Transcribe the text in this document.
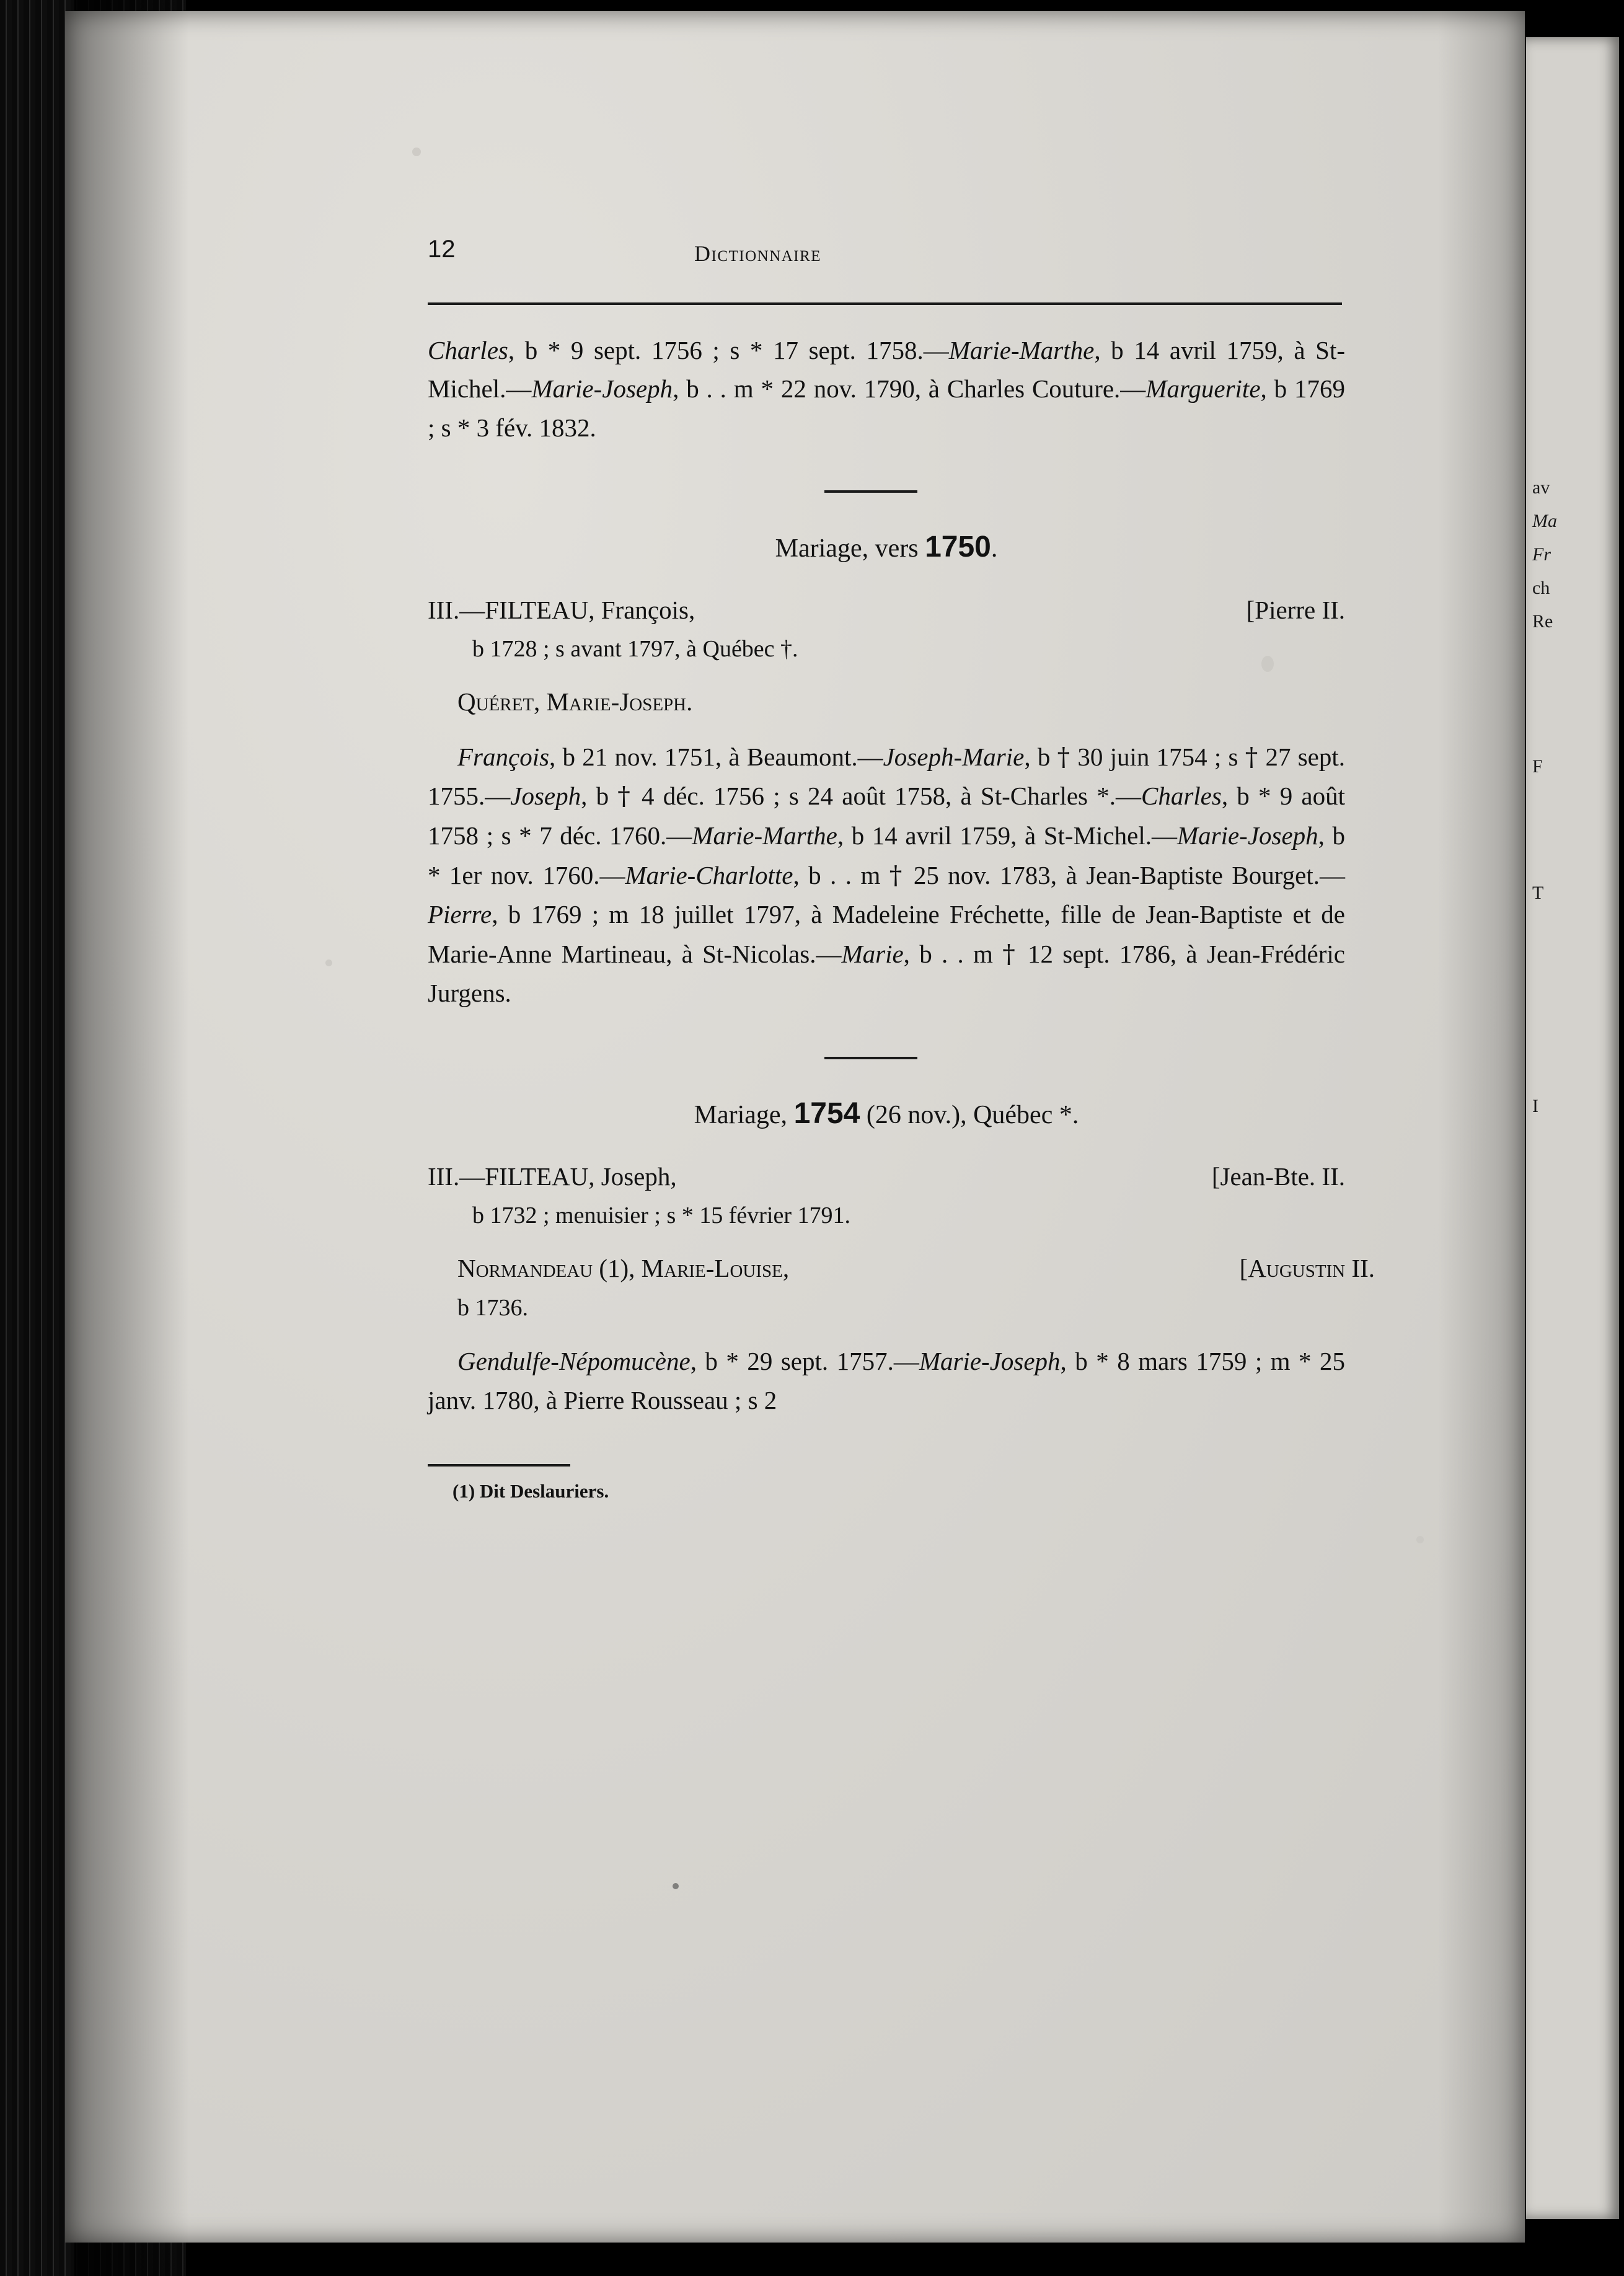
av
Ma
Fr
ch
Re
F
T
I
12	Dictionnaire
Charles, b * 9 sept. 1756 ; s * 17 sept. 1758.—Marie-Marthe, b 14 avril 1759, à St-Michel.—Marie-Joseph, b . . m * 22 nov. 1790, à Charles Couture.—Marguerite, b 1769 ; s * 3 fév. 1832.
Mariage, vers 1750.
III.—FILTEAU, François,	[Pierre II.
b 1728 ; s avant 1797, à Québec †.
Quéret, Marie-Joseph.
François, b 21 nov. 1751, à Beaumont.—Joseph-Marie, b † 30 juin 1754 ; s † 27 sept. 1755.—Joseph, b † 4 déc. 1756 ; s 24 août 1758, à St-Charles *.—Charles, b * 9 août 1758 ; s * 7 déc. 1760.—Marie-Marthe, b 14 avril 1759, à St-Michel.—Marie-Joseph, b * 1er nov. 1760.—Marie-Charlotte, b . . m † 25 nov. 1783, à Jean-Baptiste Bourget.—Pierre, b 1769 ; m 18 juillet 1797, à Madeleine Fréchette, fille de Jean-Baptiste et de Marie-Anne Martineau, à St-Nicolas.—Marie, b . . m † 12 sept. 1786, à Jean-Frédéric Jurgens.
Mariage, 1754 (26 nov.), Québec *.
III.—FILTEAU, Joseph,	[Jean-Bte. II.
b 1732 ; menuisier ; s * 15 février 1791.
Normandeau (1), Marie-Louise,	[Augustin II.
b 1736.
Gendulfe-Népomucène, b * 29 sept. 1757.—Marie-Joseph, b * 8 mars 1759 ; m * 25 janv. 1780, à Pierre Rousseau ; s 2
(1) Dit Deslauriers.
